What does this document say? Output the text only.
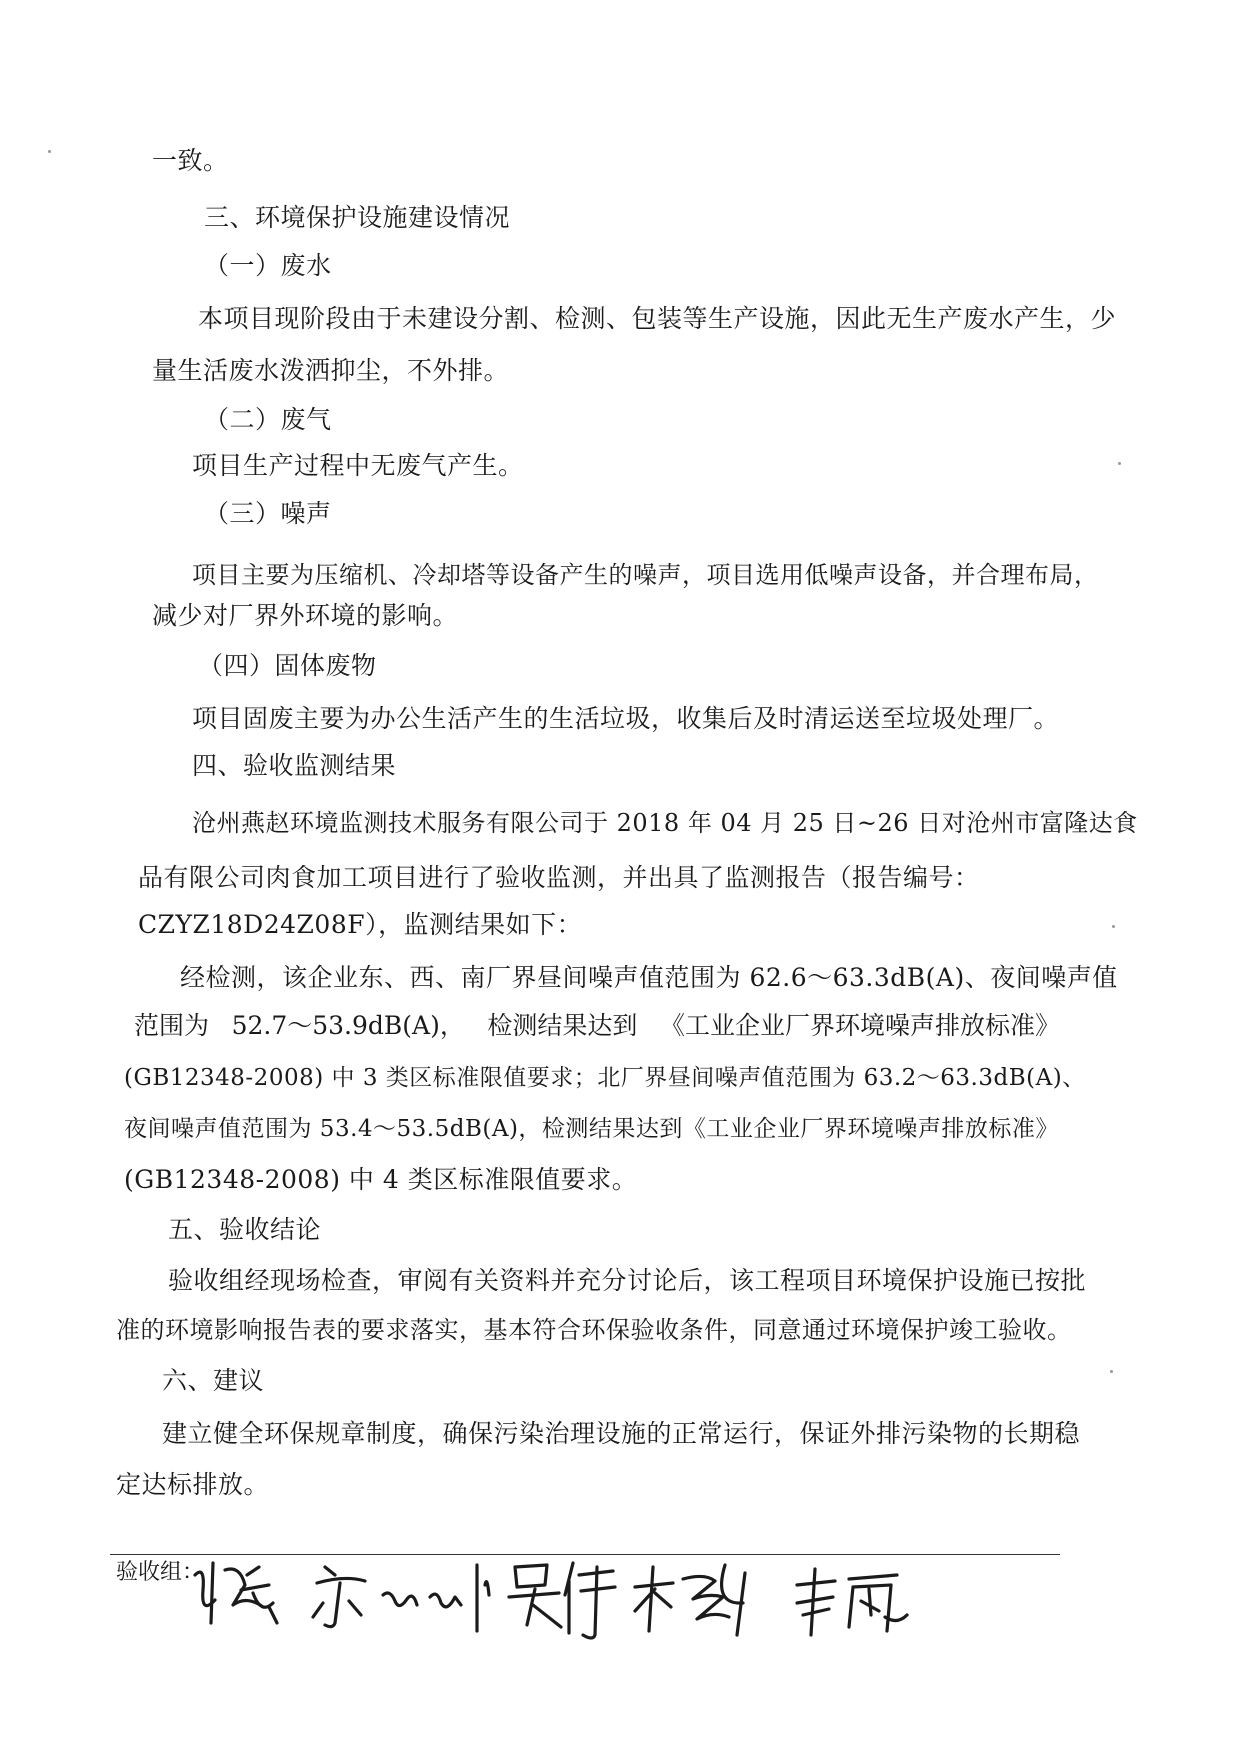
一致。

三、环境保护设施建设情况

（一）废水

本项目现阶段由于未建设分割、检测、包装等生产设施，因此无生产废水产生，少

量生活废水泼洒抑尘，不外排。

（二）废气

项目生产过程中无废气产生。

（三）噪声

项目主要为压缩机、冷却塔等设备产生的噪声，项目选用低噪声设备，并合理布局，

减少对厂界外环境的影响。

（四）固体废物

项目固废主要为办公生活产生的生活垃圾，收集后及时清运送至垃圾处理厂。

四、验收监测结果

沧州燕赵环境监测技术服务有限公司于 2018 年 04 月 25 日~26 日对沧州市富隆达食

品有限公司肉食加工项目进行了验收监测，并出具了监测报告（报告编号：

CZYZ18D24Z08F），监测结果如下：

经检测，该企业东、西、南厂界昼间噪声值范围为 62.6～63.3dB(A)、夜间噪声值

范围为 52.7～53.9dB(A)， 检测结果达到 《工业企业厂界环境噪声排放标准》

(GB12348-2008) 中 3 类区标准限值要求；北厂界昼间噪声值范围为 63.2～63.3dB(A)、

夜间噪声值范围为 53.4～53.5dB(A)，检测结果达到《工业企业厂界环境噪声排放标准》

(GB12348-2008) 中 4 类区标准限值要求。

五、验收结论

验收组经现场检查，审阅有关资料并充分讨论后，该工程项目环境保护设施已按批

准的环境影响报告表的要求落实，基本符合环保验收条件，同意通过环境保护竣工验收。

六、建议

建立健全环保规章制度，确保污染治理设施的正常运行，保证外排污染物的长期稳

定达标排放。

验收组：
